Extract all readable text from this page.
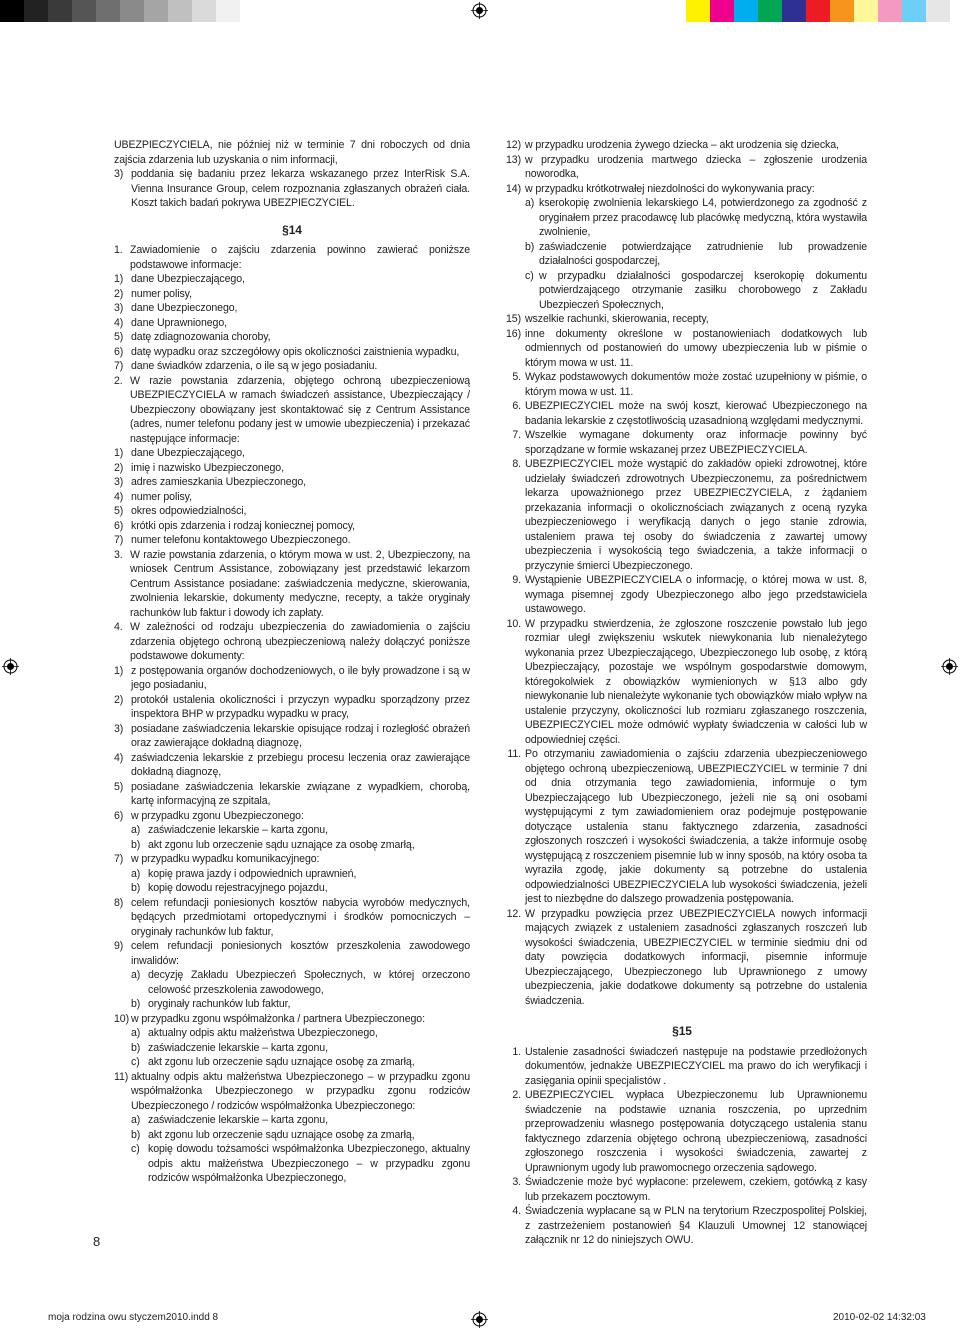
UBEZPIECZYCIELA, nie później niż w terminie 7 dni roboczych od dnia zajścia zdarzenia lub uzyskania o nim informacji,
3) poddania się badaniu przez lekarza wskazanego przez InterRisk S.A. Vienna Insurance Group, celem rozpoznania zgłaszanych obrażeń ciała. Koszt takich badań pokrywa UBEZPIECZYCIEL.
§14
1. Zawiadomienie o zajściu zdarzenia powinno zawierać poniższe podstawowe informacje:
1) dane Ubezpieczającego,
2) numer polisy,
3) dane Ubezpieczonego,
4) dane Uprawnionego,
5) datę zdiagnozowania choroby,
6) datę wypadku oraz szczegółowy opis okoliczności zaistnienia wypadku,
7) dane świadków zdarzenia, o ile są w jego posiadaniu.
2. W razie powstania zdarzenia, objętego ochroną ubezpieczeniową UBEZPIECZYCIELA w ramach świadczeń assistance, Ubezpieczający / Ubezpieczony obowiązany jest skontaktować się z Centrum Assistance (adres, numer telefonu podany jest w umowie ubezpieczenia) i przekazać następujące informacje:
1) dane Ubezpieczającego,
2) imię i nazwisko Ubezpieczonego,
3) adres zamieszkania Ubezpieczonego,
4) numer polisy,
5) okres odpowiedzialności,
6) krótki opis zdarzenia i rodzaj koniecznej pomocy,
7) numer telefonu kontaktowego Ubezpieczonego.
3. W razie powstania zdarzenia, o którym mowa w ust. 2, Ubezpieczony, na wniosek Centrum Assistance, zobowiązany jest przedstawić lekarzom Centrum Assistance posiadane: zaświadczenia medyczne, skierowania, zwolnienia lekarskie, dokumenty medyczne, recepty, a także oryginały rachunków lub faktur i dowody ich zapłaty.
4. W zależności od rodzaju ubezpieczenia do zawiadomienia o zajściu zdarzenia objętego ochroną ubezpieczeniową należy dołączyć poniższe podstawowe dokumenty:
1) z postępowania organów dochodzeniowych, o ile były prowadzone i są w jego posiadaniu,
2) protokół ustalenia okoliczności i przyczyn wypadku sporządzony przez inspektora BHP w przypadku wypadku w pracy,
3) posiadane zaświadczenia lekarskie opisujące rodzaj i rozległość obrażeń oraz zawierające dokładną diagnozę,
4) zaświadczenia lekarskie z przebiegu procesu leczenia oraz zawierające dokładną diagnozę,
5) posiadane zaświadczenia lekarskie związane z wypadkiem, chorobą, kartę informacyjną ze szpitala,
6) w przypadku zgonu Ubezpieczonego:
a) zaświadczenie lekarskie – karta zgonu,
b) akt zgonu lub orzeczenie sądu uznające za osobę zmarłą,
7) w przypadku wypadku komunikacyjnego:
a) kopię prawa jazdy i odpowiednich uprawnień,
b) kopię dowodu rejestracyjnego pojazdu,
8) celem refundacji poniesionych kosztów nabycia wyrobów medycznych, będących przedmiotami ortopedycznymi i środków pomocniczych – oryginały rachunków lub faktur,
9) celem refundacji poniesionych kosztów przeszkolenia zawodowego inwalidów:
a) decyzję Zakładu Ubezpieczeń Społecznych, w której orzeczono celowość przeszkolenia zawodowego,
b) oryginały rachunków lub faktur,
10) w przypadku zgonu współmałżonka / partnera Ubezpieczonego:
a) aktualny odpis aktu małżeństwa Ubezpieczonego,
b) zaświadczenie lekarskie – karta zgonu,
c) akt zgonu lub orzeczenie sądu uznające osobę za zmarłą,
11) aktualny odpis aktu małżeństwa Ubezpieczonego – w przypadku zgonu współmałżonka Ubezpieczonego w przypadku zgonu rodziców Ubezpieczonego / rodziców współmałżonka Ubezpieczonego:
a) zaświadczenie lekarskie – karta zgonu,
b) akt zgonu lub orzeczenie sądu uznające osobę za zmarłą,
c) kopię dowodu tożsamości współmałżonka Ubezpieczonego, aktualny odpis aktu małżeństwa Ubezpieczonego – w przypadku zgonu rodziców współmałżonka Ubezpieczonego,
12) w przypadku urodzenia żywego dziecka – akt urodzenia się dziecka,
13) w przypadku urodzenia martwego dziecka – zgłoszenie urodzenia noworodka,
14) w przypadku krótkotrwałej niezdolności do wykonywania pracy:
a) kserokopię zwolnienia lekarskiego L4, potwierdzonego za zgodność z oryginałem przez pracodawcę lub placówkę medyczną, która wystawiła zwolnienie,
b) zaświadczenie potwierdzające zatrudnienie lub prowadzenie działalności gospodarczej,
c) w przypadku działalności gospodarczej kserokopię dokumentu potwierdzającego otrzymanie zasiłku chorobowego z Zakładu Ubezpieczeń Społecznych,
15) wszelkie rachunki, skierowania, recepty,
16) inne dokumenty określone w postanowieniach dodatkowych lub odmiennych od postanowień do umowy ubezpieczenia lub w piśmie o którym mowa w ust. 11.
5. Wykaz podstawowych dokumentów może zostać uzupełniony w piśmie, o którym mowa w ust. 11.
6. UBEZPIECZYCIEL może na swój koszt, kierować Ubezpieczonego na badania lekarskie z częstotliwością uzasadnioną względami medycznymi.
7. Wszelkie wymagane dokumenty oraz informacje powinny być sporządzane w formie wskazanej przez UBEZPIECZYCIELA.
8. UBEZPIECZYCIEL może wystąpić do zakładów opieki zdrowotnej, które udzielały świadczeń zdrowotnych Ubezpieczonemu, za pośrednictwem lekarza upoważnionego przez UBEZPIECZYCIELA, z żądaniem przekazania informacji o okolicznościach związanych z oceną ryzyka ubezpieczeniowego i weryfikacją danych o jego stanie zdrowia, ustaleniem prawa tej osoby do świadczenia z zawartej umowy ubezpieczenia i wysokością tego świadczenia, a także informacji o przyczynie śmierci Ubezpieczonego.
9. Wystąpienie UBEZPIECZYCIELA o informację, o której mowa w ust. 8, wymaga pisemnej zgody Ubezpieczonego albo jego przedstawiciela ustawowego.
10. W przypadku stwierdzenia, że zgłoszone roszczenie powstało lub jego rozmiar uległ zwiększeniu wskutek niewykonania lub nienależytego wykonania przez Ubezpieczającego, Ubezpieczonego lub osobę, z którą Ubezpieczający, pozostaje we wspólnym gospodarstwie domowym, któregokolwiek z obowiązków wymienionych w §13 albo gdy niewykonanie lub nienależyte wykonanie tych obowiązków miało wpływ na ustalenie przyczyny, okoliczności lub rozmiaru zgłaszanego roszczenia, UBEZPIECZYCIEL może odmówić wypłaty świadczenia w całości lub w odpowiedniej części.
11. Po otrzymaniu zawiadomienia o zajściu zdarzenia ubezpieczeniowego objętego ochroną ubezpieczeniową, UBEZPIECZYCIEL w terminie 7 dni od dnia otrzymania tego zawiadomienia, informuje o tym Ubezpieczającego lub Ubezpieczonego, jeżeli nie są oni osobami występującymi z tym zawiadomieniem oraz podejmuje postępowanie dotyczące ustalenia stanu faktycznego zdarzenia, zasadności zgłoszonych roszczeń i wysokości świadczenia, a także informuje osobę występującą z roszczeniem pisemnie lub w inny sposób, na który osoba ta wyraziła zgodę, jakie dokumenty są potrzebne do ustalenia odpowiedzialności UBEZPIECZYCIELA lub wysokości świadczenia, jeżeli jest to niezbędne do dalszego prowadzenia postępowania.
12. W przypadku powzięcia przez UBEZPIECZYCIELA nowych informacji mających związek z ustaleniem zasadności zgłaszanych roszczeń lub wysokości świadczenia, UBEZPIECZYCIEL w terminie siedmiu dni od daty powzięcia dodatkowych informacji, pisemnie informuje Ubezpieczającego, Ubezpieczonego lub Uprawnionego z umowy ubezpieczenia, jakie dodatkowe dokumenty są potrzebne do ustalenia świadczenia.
§15
1. Ustalenie zasadności świadczeń następuje na podstawie przedłożonych dokumentów, jednakże UBEZPIECZYCIEL ma prawo do ich weryfikacji i zasięgania opinii specjalistów .
2. UBEZPIECZYCIEL wypłaca Ubezpieczonemu lub Uprawnionemu świadczenie na podstawie uznania roszczenia, po uprzednim przeprowadzeniu własnego postępowania dotyczącego ustalenia stanu faktycznego zdarzenia objętego ochroną ubezpieczeniową, zasadności zgłoszonego roszczenia i wysokości świadczenia, zawartej z Uprawnionym ugody lub prawomocnego orzeczenia sądowego.
3. Świadczenie może być wypłacone: przelewem, czekiem, gotówką z kasy lub przekazem pocztowym.
4. Świadczenia wypłacane są w PLN na terytorium Rzeczpospolitej Polskiej, z zastrzeżeniem postanowień §4 Klauzuli Umownej 12 stanowiącej załącznik nr 12 do niniejszych OWU.
8
moja rodzina owu styczem2010.indd 8	2010-02-02 14:32:03
